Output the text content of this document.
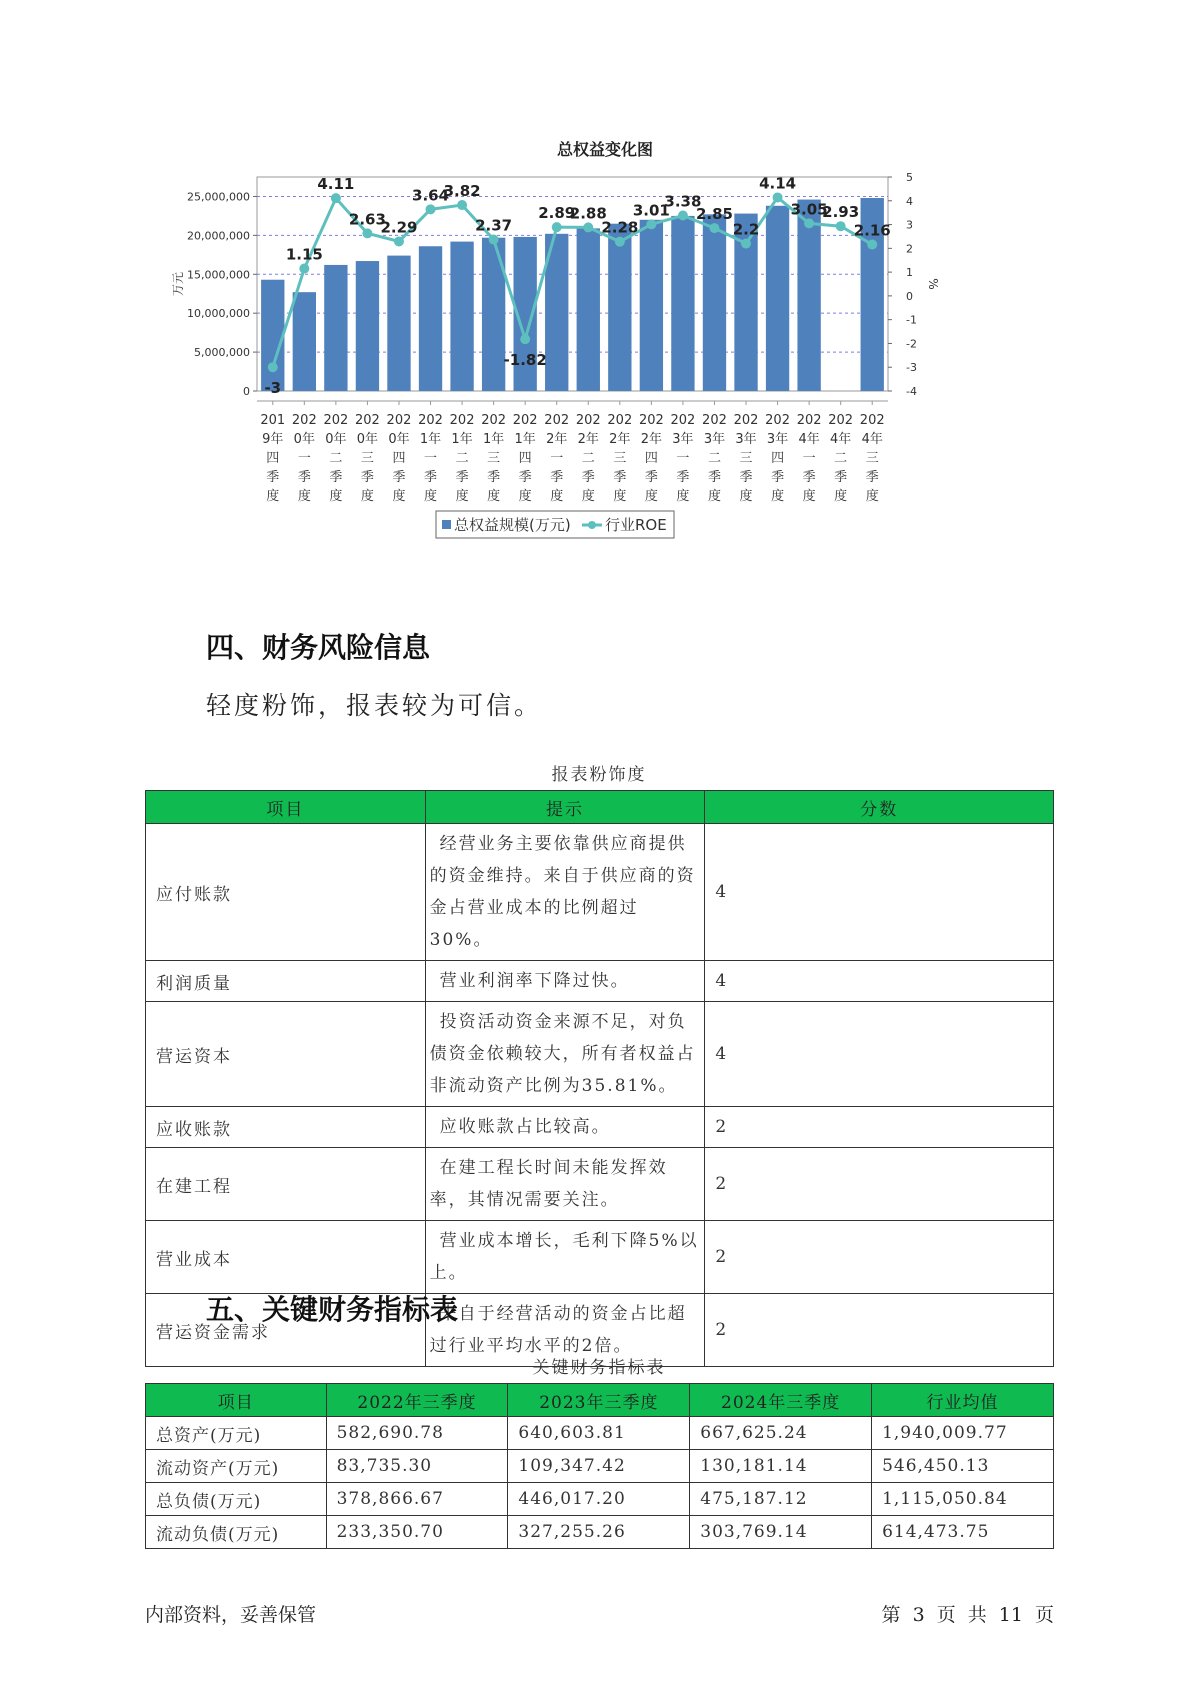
总权益变化图
0
5,000,000
10,000,000
15,000,000
20,000,000
25,000,000
-4
-3
-2
-1
0
1
2
3
4
5
万元	%
-3
1.15
4.11
2.63
2.29
3.64
3.82
2.37
-1.82
2.89
2.88
2.28
3.01
3.38
2.85
2.2
4.14
3.05
2.93
2.16
201
9年
四
季
度
202
0年
一
季
度
202
0年
二
季
度
202
0年
三
季
度
202
0年
四
季
度
202
1年
一
季
度
202
1年
二
季
度
202
1年
三
季
度
202
1年
四
季
度
202
2年
一
季
度
202
2年
二
季
度
202
2年
三
季
度
202
2年
四
季
度
202
3年
一
季
度
202
3年
二
季
度
202
3年
三
季
度
202
3年
四
季
度
202
4年
一
季
度
202
4年
二
季
度
202
4年
三
季
度
总权益规模(万元) 行业ROE
四、财务风险信息

轻度粉饰，报表较为可信。

报表粉饰度
项目	提示	分数
应付账款	经营业务主要依靠供应商提供的资金维持。来自于供应商的资金占营业成本的比例超过30%。	4
利润质量	营业利润率下降过快。	4
营运资本	投资活动资金来源不足，对负债资金依赖较大，所有者权益占非流动资产比例为35.81%。	4
应收账款	应收账款占比较高。	2
在建工程	在建工程长时间未能发挥效率，其情况需要关注。	2
营业成本	营业成本增长，毛利下降5%以上。	2
营运资金需求	来自于经营活动的资金占比超过行业平均水平的2倍。	2
五、关键财务指标表
关键财务指标表
项目	2022年三季度	2023年三季度	2024年三季度	行业均值
总资产(万元)	582,690.78	640,603.81	667,625.24	1,940,009.77
流动资产(万元)	83,735.30	109,347.42	130,181.14	546,450.13
总负债(万元)	378,866.67	446,017.20	475,187.12	1,115,050.84
流动负债(万元)	233,350.70	327,255.26	303,769.14	614,473.75
内部资料，妥善保管	第 3 页 共 11 页
